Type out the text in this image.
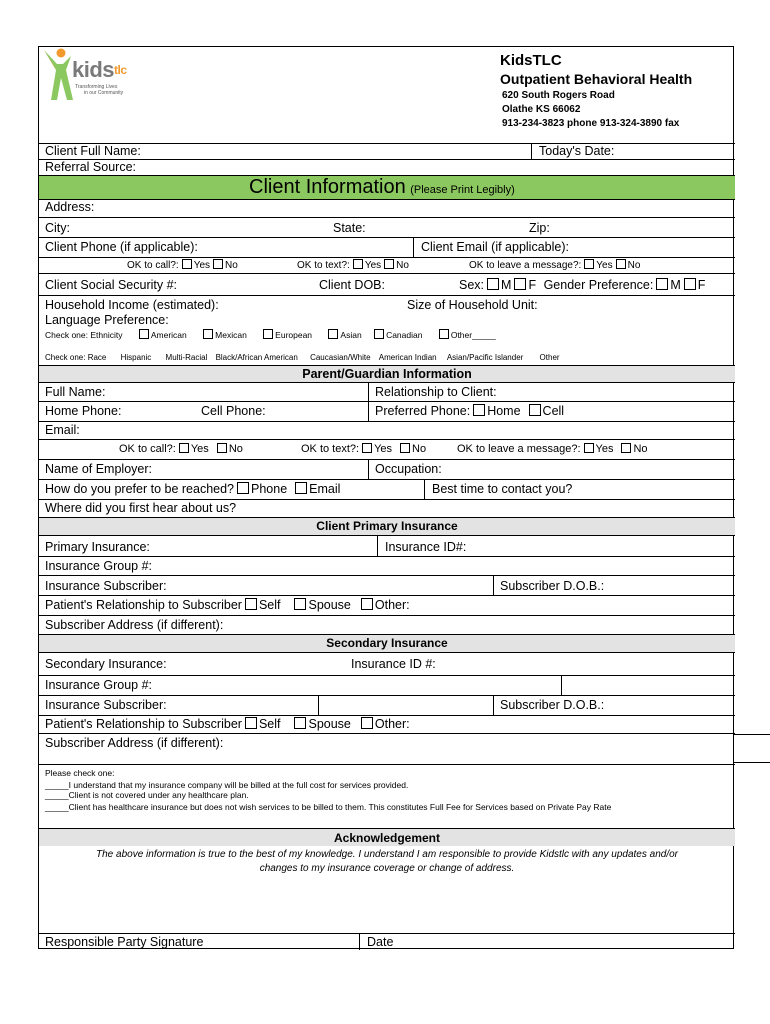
kids$^{tlc}$
Transforming Lives
in our Community
KidsTLC
Outpatient Behavioral Health
620 South Rogers Road
Olathe KS 66062
913-234-3823 phone 913-324-3890 fax
Client Full Name:	Today's Date:
Referral Source:
Client Information (Please Print Legibly)
Address:
City:	State:	Zip:
Client Phone (if applicable):	Client Email (if applicable):
OK to call?: Yes No	OK to text?: Yes No	OK to leave a message?: Yes No
Client Social Security #:	Client DOB:	Sex: M F Gender Preference: M F
Household Income (estimated):	Size of Household Unit:
Language Preference:
Check one: Ethnicity	American	Mexican	European	Asian	Canadian	Other_____
Check one: Race Hispanic Multi-Racial Black/African American Caucasian/White American Indian Asian/Pacific Islander Other
Parent/Guardian Information
Full Name:	Relationship to Client:
Home Phone:	Cell Phone:	Preferred Phone: Home Cell
Email:
OK to call?: Yes No	OK to text?: Yes No	OK to leave a message?: Yes No
Name of Employer:	Occupation:
How do you prefer to be reached? Phone Email	Best time to contact you?
Where did you first hear about us?
Client Primary Insurance
Primary Insurance:	Insurance ID#:
Insurance Group #:
Insurance Subscriber:	Subscriber D.O.B.:
Patient's Relationship to Subscriber Self Spouse Other:
Subscriber Address (if different):
Secondary Insurance
Secondary Insurance:	Insurance ID #:
Insurance Group #:
Insurance Subscriber:	Subscriber D.O.B.:
Patient's Relationship to Subscriber Self Spouse Other:
Subscriber Address (if different):
Please check one:
_____I understand that my insurance company will be billed at the full cost for services provided.
_____Client is not covered under any healthcare plan.
_____Client has healthcare insurance but does not wish services to be billed to them. This constitutes Full Fee for Services based on Private Pay Rate
Acknowledgement
The above information is true to the best of my knowledge. I understand I am responsible to provide Kidstlc with any updates and/or
changes to my insurance coverage or change of address.
Responsible Party Signature	Date
